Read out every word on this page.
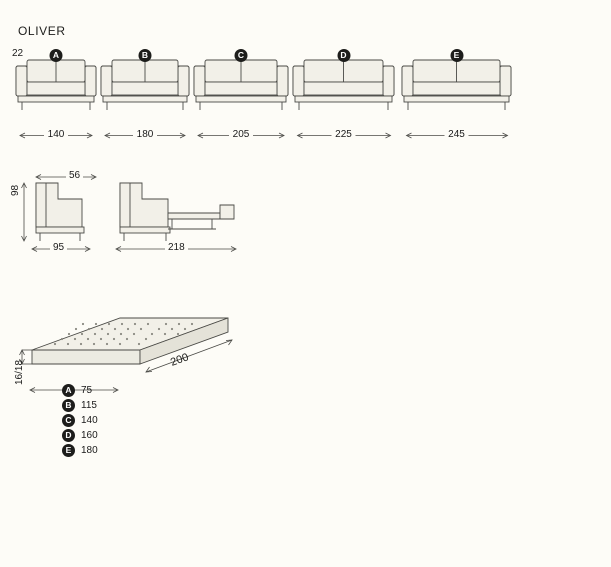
OLIVER
22	A
140
B
180
C
205
D
225
E
245
56
95	218
98
200
16/18
A 75
B 115
C 140
D 160
E 180
